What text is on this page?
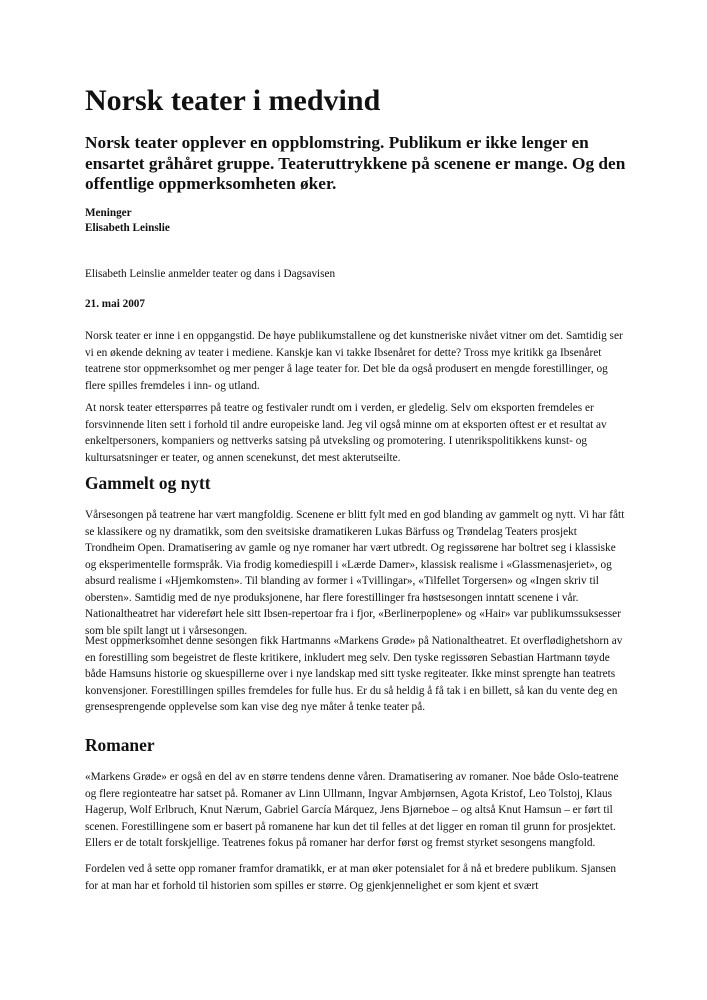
Norsk teater i medvind

Norsk teater opplever en oppblomstring. Publikum er ikke lenger en ensartet gråhåret gruppe. Teateruttrykkene på scenene er mange. Og den offentlige oppmerksomheten øker.

Meninger

Elisabeth Leinslie

Elisabeth Leinslie anmelder teater og dans i Dagsavisen

21. mai 2007

Norsk teater er inne i en oppgangstid. De høye publikumstallene og det kunstneriske nivået vitner om det. Samtidig ser vi en økende dekning av teater i mediene. Kanskje kan vi takke Ibsenåret for dette? Tross mye kritikk ga Ibsenåret teatrene stor oppmerksomhet og mer penger å lage teater for. Det ble da også produsert en mengde forestillinger, og flere spilles fremdeles i inn- og utland.

At norsk teater etterspørres på teatre og festivaler rundt om i verden, er gledelig. Selv om eksporten fremdeles er forsvinnende liten sett i forhold til andre europeiske land. Jeg vil også minne om at eksporten oftest er et resultat av enkeltpersoners, kompaniers og nettverks satsing på utveksling og promotering. I utenrikspolitikkens kunst- og kultursatsninger er teater, og annen scenekunst, det mest akterutseilte.

Gammelt og nytt

Vårsesongen på teatrene har vært mangfoldig. Scenene er blitt fylt med en god blanding av gammelt og nytt. Vi har fått se klassikere og ny dramatikk, som den sveitsiske dramatikeren Lukas Bärfuss og Trøndelag Teaters prosjekt Trondheim Open. Dramatisering av gamle og nye romaner har vært utbredt. Og regissørene har boltret seg i klassiske og eksperimentelle formspråk. Via frodig komediespill i «Lærde Damer», klassisk realisme i «Glassmenasjeriet», og absurd realisme i «Hjemkomsten». Til blanding av former i «Tvillingar», «Tilfellet Torgersen» og «Ingen skriv til obersten». Samtidig med de nye produksjonene, har flere forestillinger fra høstsesongen inntatt scenene i vår. Nationaltheatret har videreført hele sitt Ibsen-repertoar fra i fjor, «Berlinerpoplene» og «Hair» var publikumssuksesser som ble spilt langt ut i vårsesongen.

Mest oppmerksomhet denne sesongen fikk Hartmanns «Markens Grøde» på Nationaltheatret. Et overflødighetshorn av en forestilling som begeistret de fleste kritikere, inkludert meg selv. Den tyske regissøren Sebastian Hartmann tøyde både Hamsuns historie og skuespillerne over i nye landskap med sitt tyske regiteater. Ikke minst sprengte han teatrets konvensjoner. Forestillingen spilles fremdeles for fulle hus. Er du så heldig å få tak i en billett, så kan du vente deg en grensesprengende opplevelse som kan vise deg nye måter å tenke teater på.

Romaner

«Markens Grøde» er også en del av en større tendens denne våren. Dramatisering av romaner. Noe både Oslo-teatrene og flere regionteatre har satset på. Romaner av Linn Ullmann, Ingvar Ambjørnsen, Agota Kristof, Leo Tolstoj, Klaus Hagerup, Wolf Erlbruch, Knut Nærum, Gabriel García Márquez, Jens Bjørneboe – og altså Knut Hamsun – er ført til scenen. Forestillingene som er basert på romanene har kun det til felles at det ligger en roman til grunn for prosjektet. Ellers er de totalt forskjellige. Teatrenes fokus på romaner har derfor først og fremst styrket sesongens mangfold.

Fordelen ved å sette opp romaner framfor dramatikk, er at man øker potensialet for å nå et bredere publikum. Sjansen for at man har et forhold til historien som spilles er større. Og gjenkjennelighet er som kjent et svært
